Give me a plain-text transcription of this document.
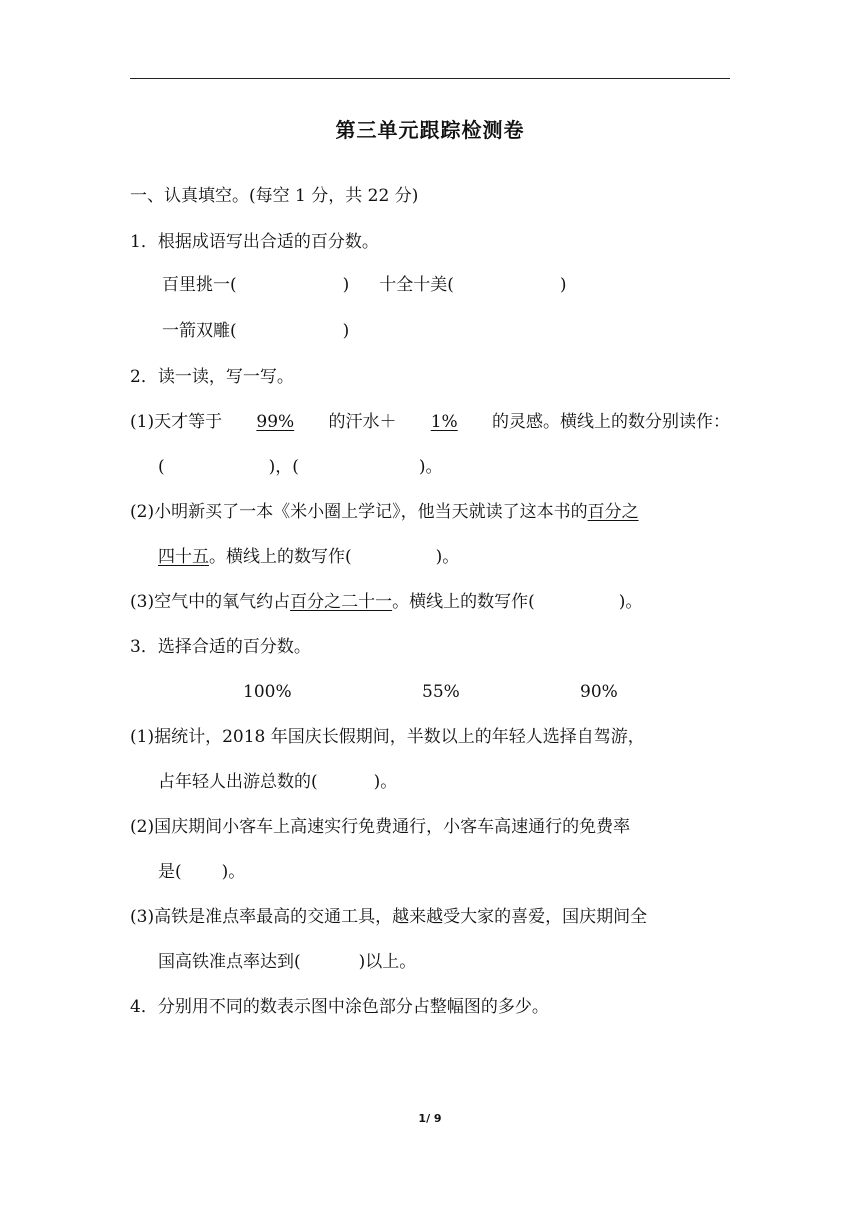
第三单元跟踪检测卷
一、认真填空。(每空 1 分，共 22 分)
1．根据成语写出合适的百分数。
百里挑一(	) 十全十美(	)
一箭双雕(	)
2．读一读，写一写。
(1)天才等于 99% 的汗水＋ 1% 的灵感。横线上的数分别读作：
(	)，(	)。
(2)小明新买了一本《米小圈上学记》，他当天就读了这本书的百分之
四十五。横线上的数写作(	)。
(3)空气中的氧气约占百分之二十一。横线上的数写作(	)。
3．选择合适的百分数。
100%	55%	90%
(1)据统计，2018 年国庆长假期间，半数以上的年轻人选择自驾游，
占年轻人出游总数的(	)。
(2)国庆期间小客车上高速实行免费通行，小客车高速通行的免费率
是( )。
(3)高铁是准点率最高的交通工具，越来越受大家的喜爱，国庆期间全
国高铁准点率达到(	)以上。
4．分别用不同的数表示图中涂色部分占整幅图的多少。
1/ 9
